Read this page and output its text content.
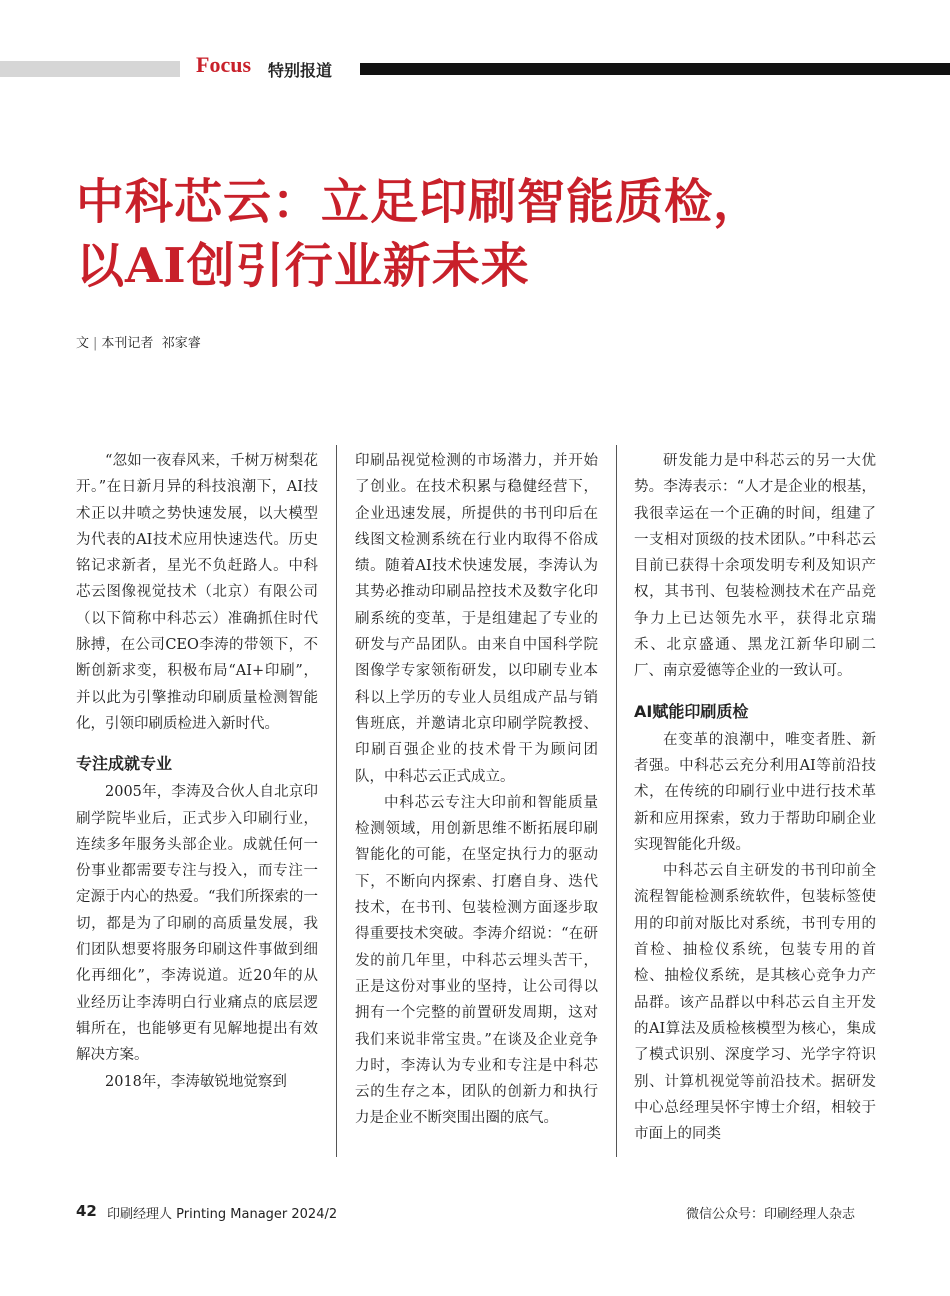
Focus 特别报道
中科芯云：立足印刷智能质检，
以AI创引行业新未来
文 | 本刊记者 祁家睿

“忽如一夜春风来，千树万树梨花开。”在日新月异的科技浪潮下，AI技术正以井喷之势快速发展，以大模型为代表的AI技术应用快速迭代。历史铭记求新者，星光不负赶路人。中科芯云图像视觉技术（北京）有限公司（以下简称中科芯云）准确抓住时代脉搏，在公司CEO李涛的带领下，不断创新求变，积极布局“AI+印刷”，并以此为引擎推动印刷质量检测智能化，引领印刷质检进入新时代。

专注成就专业

2005年，李涛及合伙人自北京印刷学院毕业后，正式步入印刷行业，连续多年服务头部企业。成就任何一份事业都需要专注与投入，而专注一定源于内心的热爱。“我们所探索的一切，都是为了印刷的高质量发展，我们团队想要将服务印刷这件事做到细化再细化”，李涛说道。近20年的从业经历让李涛明白行业痛点的底层逻辑所在，也能够更有见解地提出有效解决方案。

2018年，李涛敏锐地觉察到

印刷品视觉检测的市场潜力，并开始了创业。在技术积累与稳健经营下，企业迅速发展，所提供的书刊印后在线图文检测系统在行业内取得不俗成绩。随着AI技术快速发展，李涛认为其势必推动印刷品控技术及数字化印刷系统的变革，于是组建起了专业的研发与产品团队。由来自中国科学院图像学专家领衔研发，以印刷专业本科以上学历的专业人员组成产品与销售班底，并邀请北京印刷学院教授、印刷百强企业的技术骨干为顾问团队，中科芯云正式成立。

中科芯云专注大印前和智能质量检测领域，用创新思维不断拓展印刷智能化的可能，在坚定执行力的驱动下，不断向内探索、打磨自身、迭代技术，在书刊、包装检测方面逐步取得重要技术突破。李涛介绍说：“在研发的前几年里，中科芯云埋头苦干，正是这份对事业的坚持，让公司得以拥有一个完整的前置研发周期，这对我们来说非常宝贵。”在谈及企业竞争力时，李涛认为专业和专注是中科芯云的生存之本，团队的创新力和执行力是企业不断突围出圈的底气。

研发能力是中科芯云的另一大优势。李涛表示：“人才是企业的根基，我很幸运在一个正确的时间，组建了一支相对顶级的技术团队。”中科芯云目前已获得十余项发明专利及知识产权，其书刊、包装检测技术在产品竞争力上已达领先水平，获得北京瑞禾、北京盛通、黑龙江新华印刷二厂、南京爱德等企业的一致认可。

AI赋能印刷质检

在变革的浪潮中，唯变者胜、新者强。中科芯云充分利用AI等前沿技术，在传统的印刷行业中进行技术革新和应用探索，致力于帮助印刷企业实现智能化升级。

中科芯云自主研发的书刊印前全流程智能检测系统软件，包装标签使用的印前对版比对系统，书刊专用的首检、抽检仪系统，包装专用的首检、抽检仪系统，是其核心竞争力产品群。该产品群以中科芯云自主开发的AI算法及质检核模型为核心，集成了模式识别、深度学习、光学字符识别、计算机视觉等前沿技术。据研发中心总经理吴怀宇博士介绍，相较于市面上的同类

42 印刷经理人 Printing Manager 2024/2	微信公众号：印刷经理人杂志
